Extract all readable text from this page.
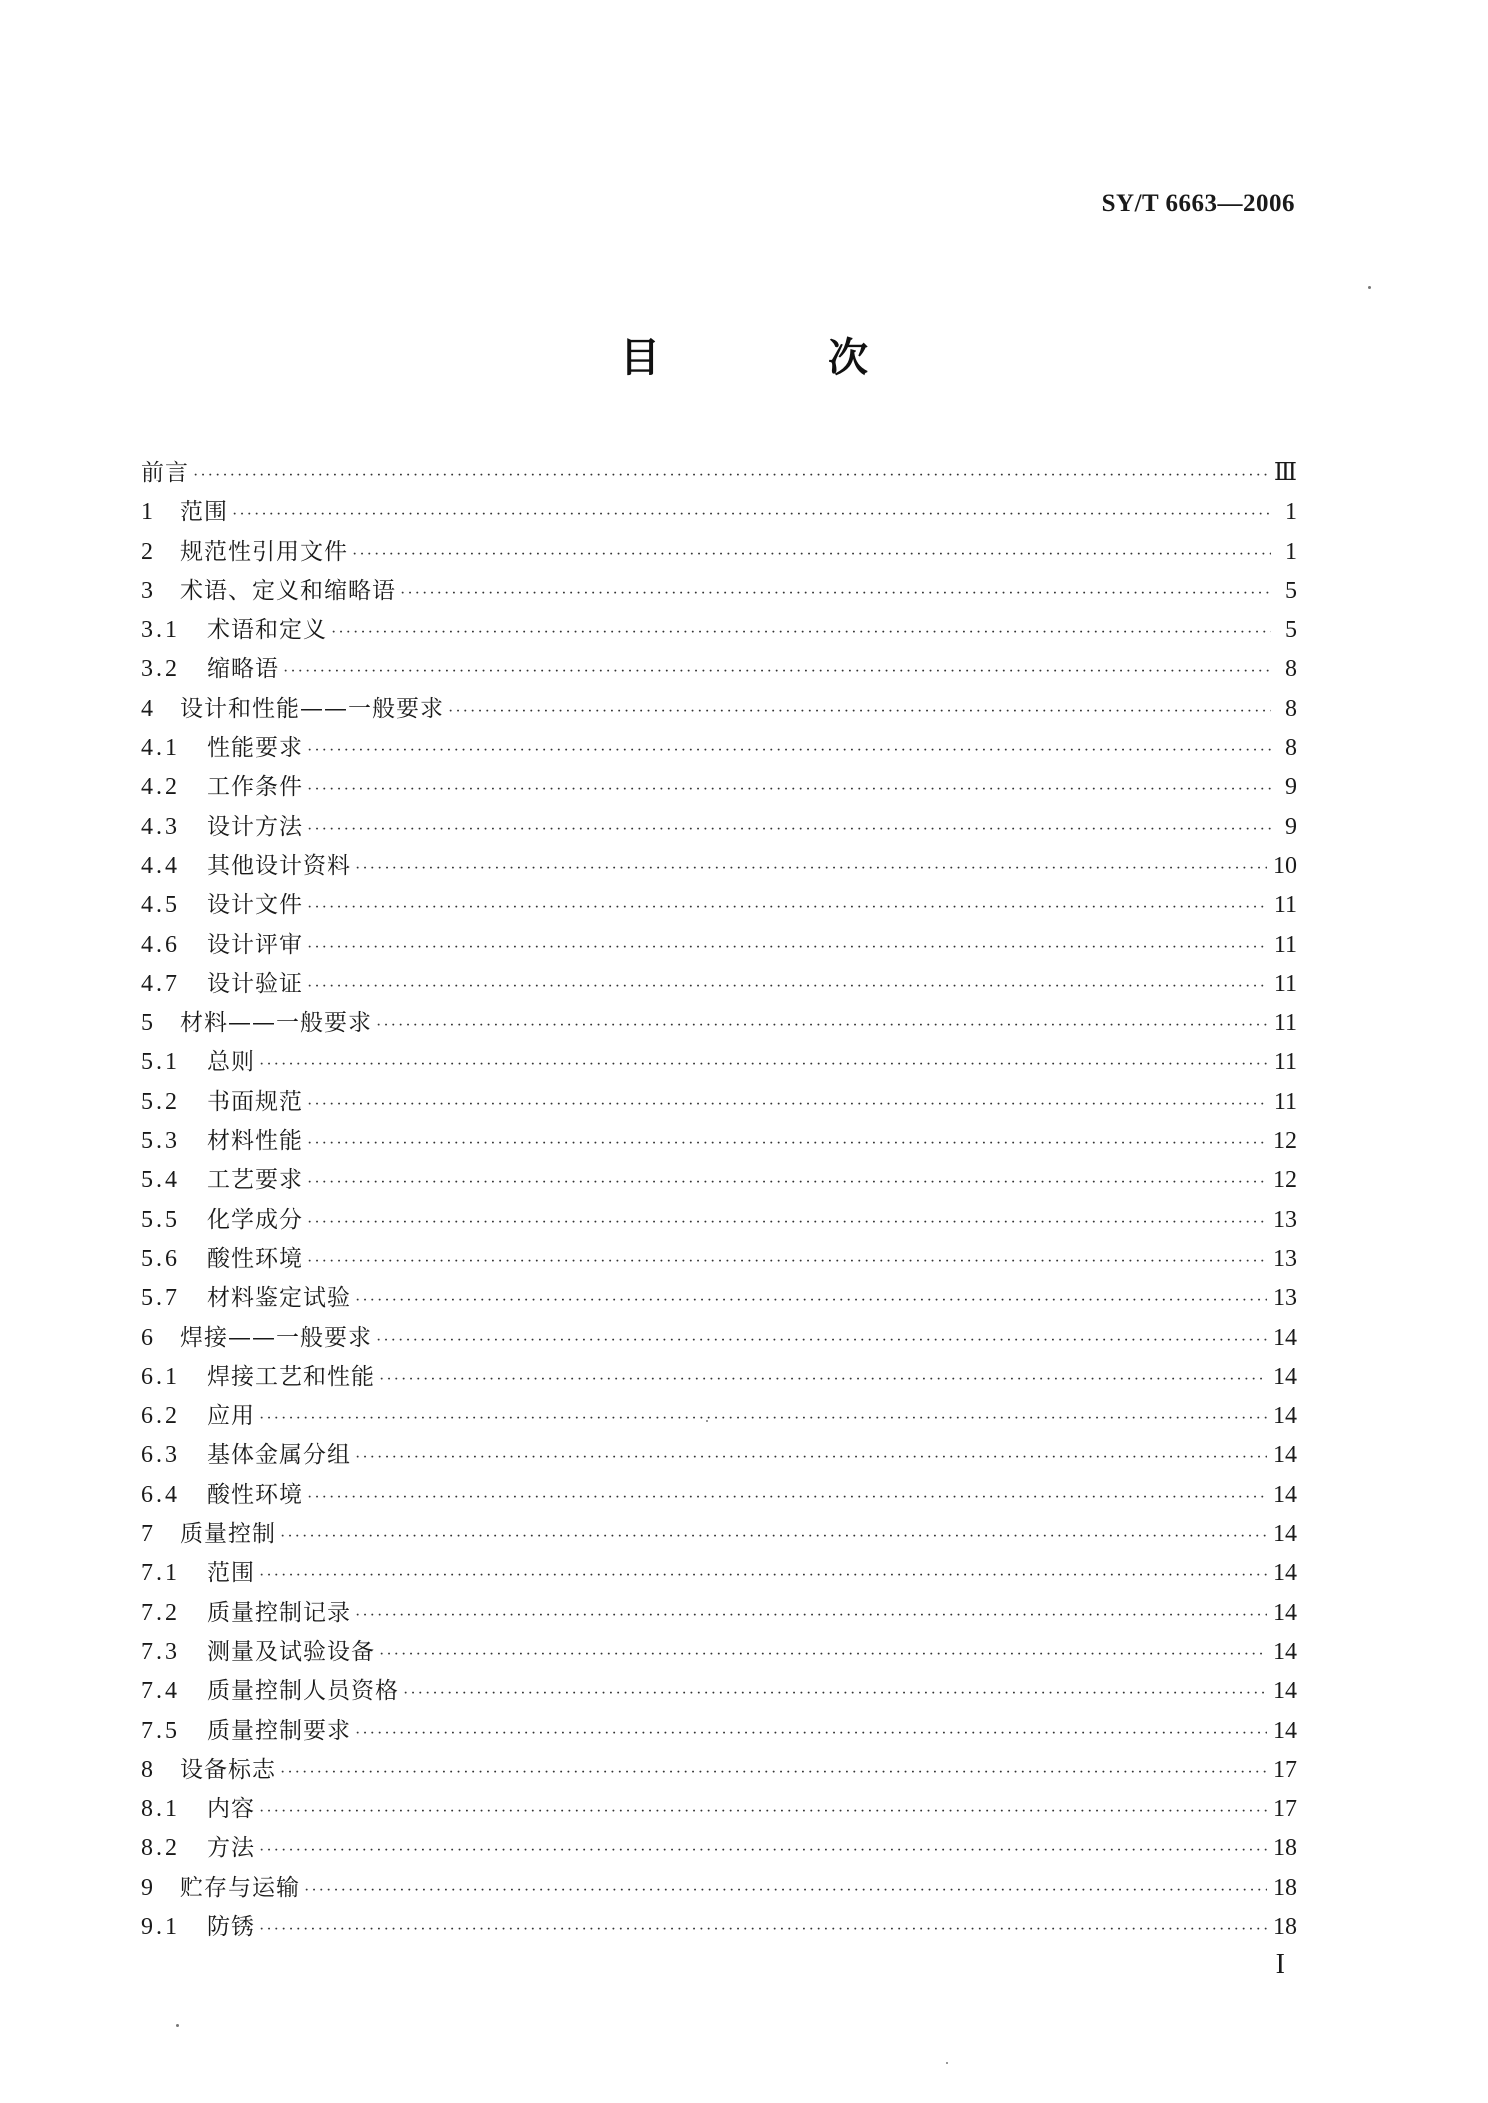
SY/T 6663—2006
目　次
前言 ·····	Ⅲ
1	范围 ·····	1
2	规范性引用文件 ·····	1
3	术语、定义和缩略语 ·····	5
3.1	术语和定义 ·····	5
3.2	缩略语 ·····	8
4	设计和性能——一般要求 ·····	8
4.1	性能要求 ·····	8
4.2	工作条件 ·····	9
4.3	设计方法 ·····	9
4.4	其他设计资料 ·····	10
4.5	设计文件 ·····	11
4.6	设计评审 ·····	11
4.7	设计验证 ·····	11
5	材料——一般要求 ·····	11
5.1	总则 ·····	11
5.2	书面规范 ·····	11
5.3	材料性能 ·····	12
5.4	工艺要求 ·····	12
5.5	化学成分 ·····	13
5.6	酸性环境 ·····	13
5.7	材料鉴定试验 ·····	13
6	焊接——一般要求 ·····	14
6.1	焊接工艺和性能 ·····	14
6.2	应用 ·····	14
6.3	基体金属分组 ·····	14
6.4	酸性环境 ·····	14
7	质量控制 ·····	14
7.1	范围 ·····	14
7.2	质量控制记录 ·····	14
7.3	测量及试验设备 ·····	14
7.4	质量控制人员资格 ·····	14
7.5	质量控制要求 ·····	14
8	设备标志 ·····	17
8.1	内容 ·····	17
8.2	方法 ·····	18
9	贮存与运输 ·····	18
9.1	防锈 ·····	18
I
